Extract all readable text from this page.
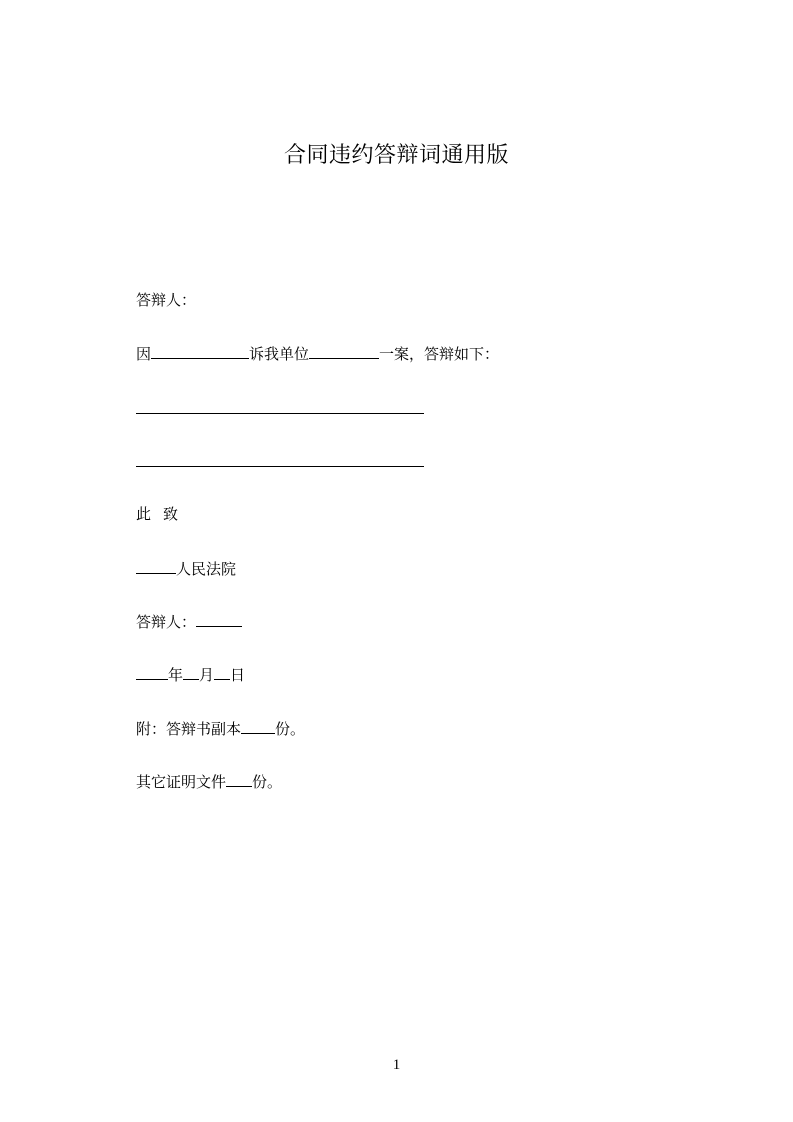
合同违约答辩词通用版
答辩人：
因	诉我单位	一案，答辩如下：
此致
人民法院
答辩人：
年 月 日
附：答辩书副本 份。
其它证明文件 份。
1
